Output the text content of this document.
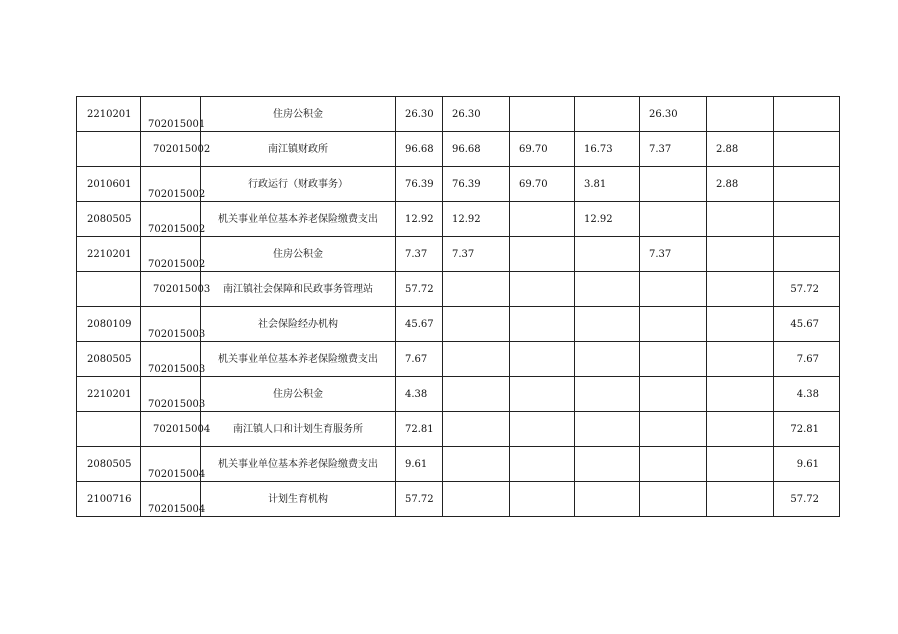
2210201	702015001	住房公积金	26.30	26.30			26.30		

	702015002	南江镇财政所	96.68	96.68	69.70	16.73	7.37	2.88	

2010601	702015002	行政运行（财政事务）	76.39	76.39	69.70	3.81		2.88	

2080505	702015002	机关事业单位基本养老保险缴费支出	12.92	12.92		12.92			

2210201	702015002	住房公积金	7.37	7.37			7.37		

	702015003	南江镇社会保障和民政事务管理站	57.72						57.72

2080109	702015003	社会保险经办机构	45.67						45.67

2080505	702015003	机关事业单位基本养老保险缴费支出	7.67						7.67

2210201	702015003	住房公积金	4.38						4.38

	702015004	南江镇人口和计划生育服务所	72.81						72.81

2080505	702015004	机关事业单位基本养老保险缴费支出	9.61						9.61

2100716	702015004	计划生育机构	57.72						57.72
